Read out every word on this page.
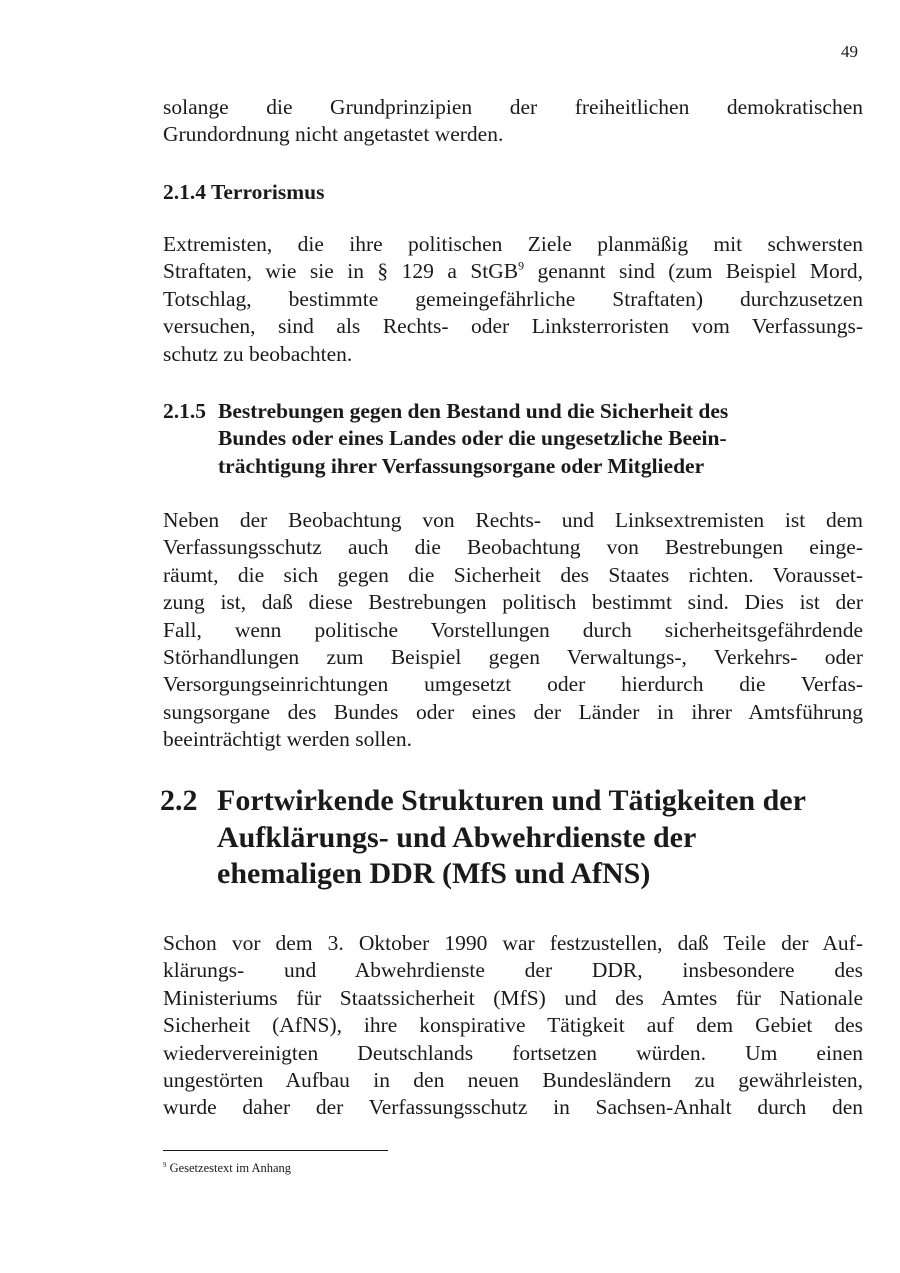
49
solange die Grundprinzipien der freiheitlichen demokratischen
Grundordnung nicht angetastet werden.
2.1.4 Terrorismus
Extremisten, die ihre politischen Ziele planmäßig mit schwersten
Straftaten, wie sie in § 129 a StGB$^9$ genannt sind (zum Beispiel Mord,
Totschlag, bestimmte gemeingefährliche Straftaten) durchzusetzen
versuchen, sind als Rechts- oder Linksterroristen vom Verfassungs-
schutz zu beobachten.
2.1.5 Bestrebungen gegen den Bestand und die Sicherheit des
Bundes oder eines Landes oder die ungesetzliche Beein-
trächtigung ihrer Verfassungsorgane oder Mitglieder
Neben der Beobachtung von Rechts- und Linksextremisten ist dem
Verfassungsschutz auch die Beobachtung von Bestrebungen einge-
räumt, die sich gegen die Sicherheit des Staates richten. Vorausset-
zung ist, daß diese Bestrebungen politisch bestimmt sind. Dies ist der
Fall, wenn politische Vorstellungen durch sicherheitsgefährdende
Störhandlungen zum Beispiel gegen Verwaltungs-, Verkehrs- oder
Versorgungseinrichtungen umgesetzt oder hierdurch die Verfas-
sungsorgane des Bundes oder eines der Länder in ihrer Amtsführung
beeinträchtigt werden sollen.
2.2 Fortwirkende Strukturen und Tätigkeiten der
Aufklärungs- und Abwehrdienste der
ehemaligen DDR (MfS und AfNS)
Schon vor dem 3. Oktober 1990 war festzustellen, daß Teile der Auf-
klärungs- und Abwehrdienste der DDR, insbesondere des
Ministeriums für Staatssicherheit (MfS) und des Amtes für Nationale
Sicherheit (AfNS), ihre konspirative Tätigkeit auf dem Gebiet des
wiedervereinigten Deutschlands fortsetzen würden. Um einen
ungestörten Aufbau in den neuen Bundesländern zu gewährleisten,
wurde daher der Verfassungsschutz in Sachsen-Anhalt durch den
$^9$ Gesetzestext im Anhang
